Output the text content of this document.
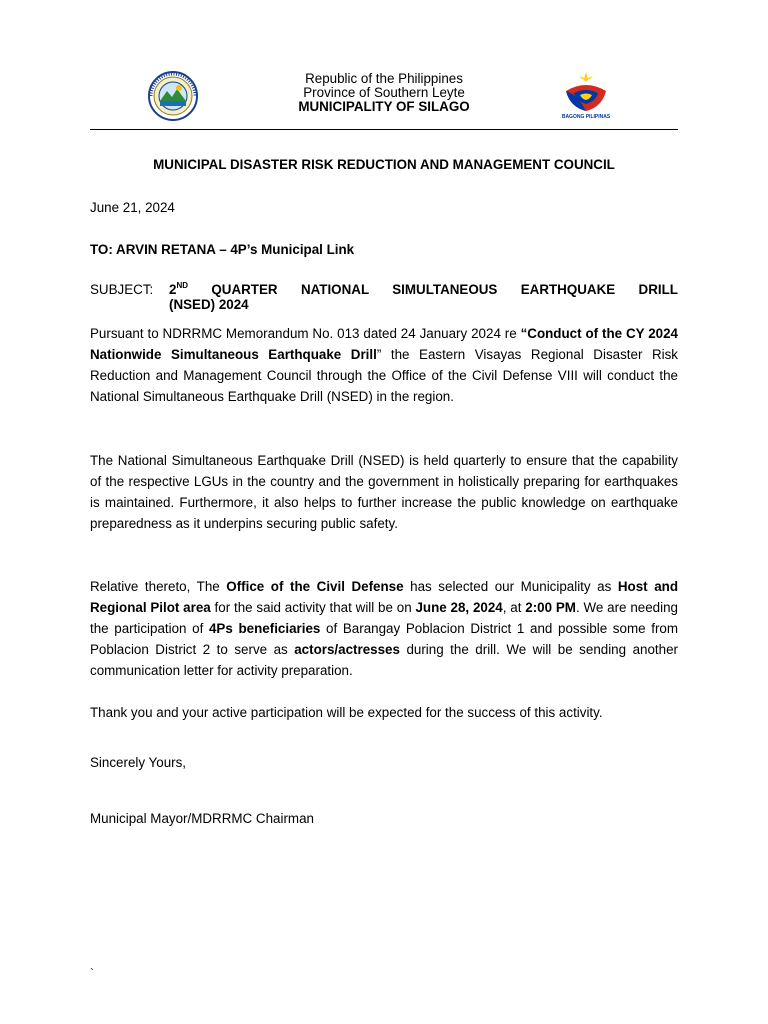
Republic of the Philippines
Province of Southern Leyte
MUNICIPALITY OF SILAGO
BAGONG PILIPINAS
MUNICIPAL DISASTER RISK REDUCTION AND MANAGEMENT COUNCIL
June 21, 2024
TO: ARVIN RETANA – 4P’s Municipal Link
SUBJECT: 2ND QUARTER NATIONAL SIMULTANEOUS EARTHQUAKE DRILL
(NSED) 2024
Pursuant to NDRRMC Memorandum No. 013 dated 24 January 2024 re “Conduct of the CY 2024 Nationwide Simultaneous Earthquake Drill” the Eastern Visayas Regional Disaster Risk Reduction and Management Council through the Office of the Civil Defense VIII will conduct the National Simultaneous Earthquake Drill (NSED) in the region.
The National Simultaneous Earthquake Drill (NSED) is held quarterly to ensure that the capability of the respective LGUs in the country and the government in holistically preparing for earthquakes is maintained. Furthermore, it also helps to further increase the public knowledge on earthquake preparedness as it underpins securing public safety.
Relative thereto, The Office of the Civil Defense has selected our Municipality as Host and Regional Pilot area for the said activity that will be on June 28, 2024, at 2:00 PM. We are needing the participation of 4Ps beneficiaries of Barangay Poblacion District 1 and possible some from Poblacion District 2 to serve as actors/actresses during the drill. We will be sending another communication letter for activity preparation.
Thank you and your active participation will be expected for the success of this activity.
Sincerely Yours,
Municipal Mayor/MDRRMC Chairman
`
